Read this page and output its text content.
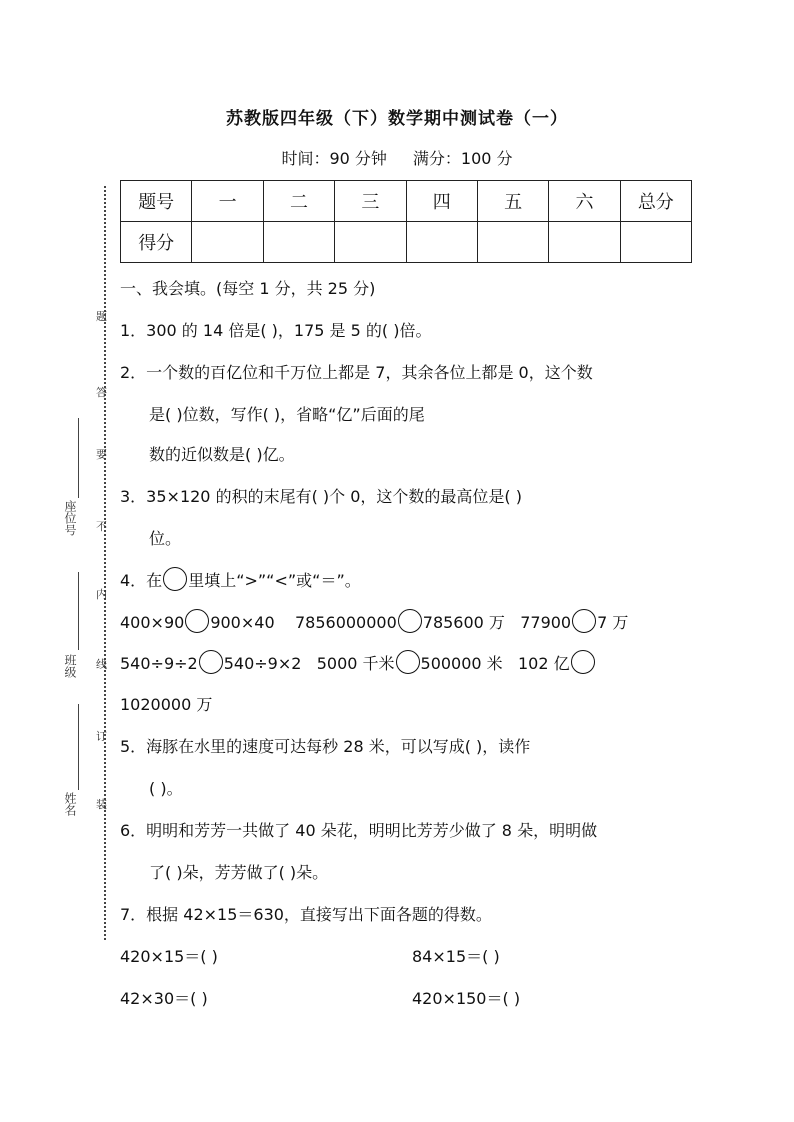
苏教版四年级（下）数学期中测试卷（一）
时间：90 分钟 满分：100 分
题
答
要
不
内
线
订
装
座位号
班级
姓名
题号	一	二	三	四	五	六	总分
得分							
一、我会填。(每空 1 分，共 25 分)
1．300 的 14 倍是( )，175 是 5 的( )倍。
2．一个数的百亿位和千万位上都是 7，其余各位上都是 0，这个数
是( )位数，写作( )，省略“亿”后面的尾
数的近似数是( )亿。
3．35×120 的积的末尾有( )个 0，这个数的最高位是( )
位。
4．在 里填上“>”“<”或“＝”。
400×90 900×40 7856000000 785600 万 77900 7 万
540÷9÷2 540÷9×2 5000 千米 500000 米 102 亿
1020000 万
5．海豚在水里的速度可达每秒 28 米，可以写成( )，读作
( )。
6．明明和芳芳一共做了 40 朵花，明明比芳芳少做了 8 朵，明明做
了( )朵，芳芳做了( )朵。
7．根据 42×15＝630，直接写出下面各题的得数。
420×15＝( )	84×15＝( )
42×30＝( )	420×150＝( )
